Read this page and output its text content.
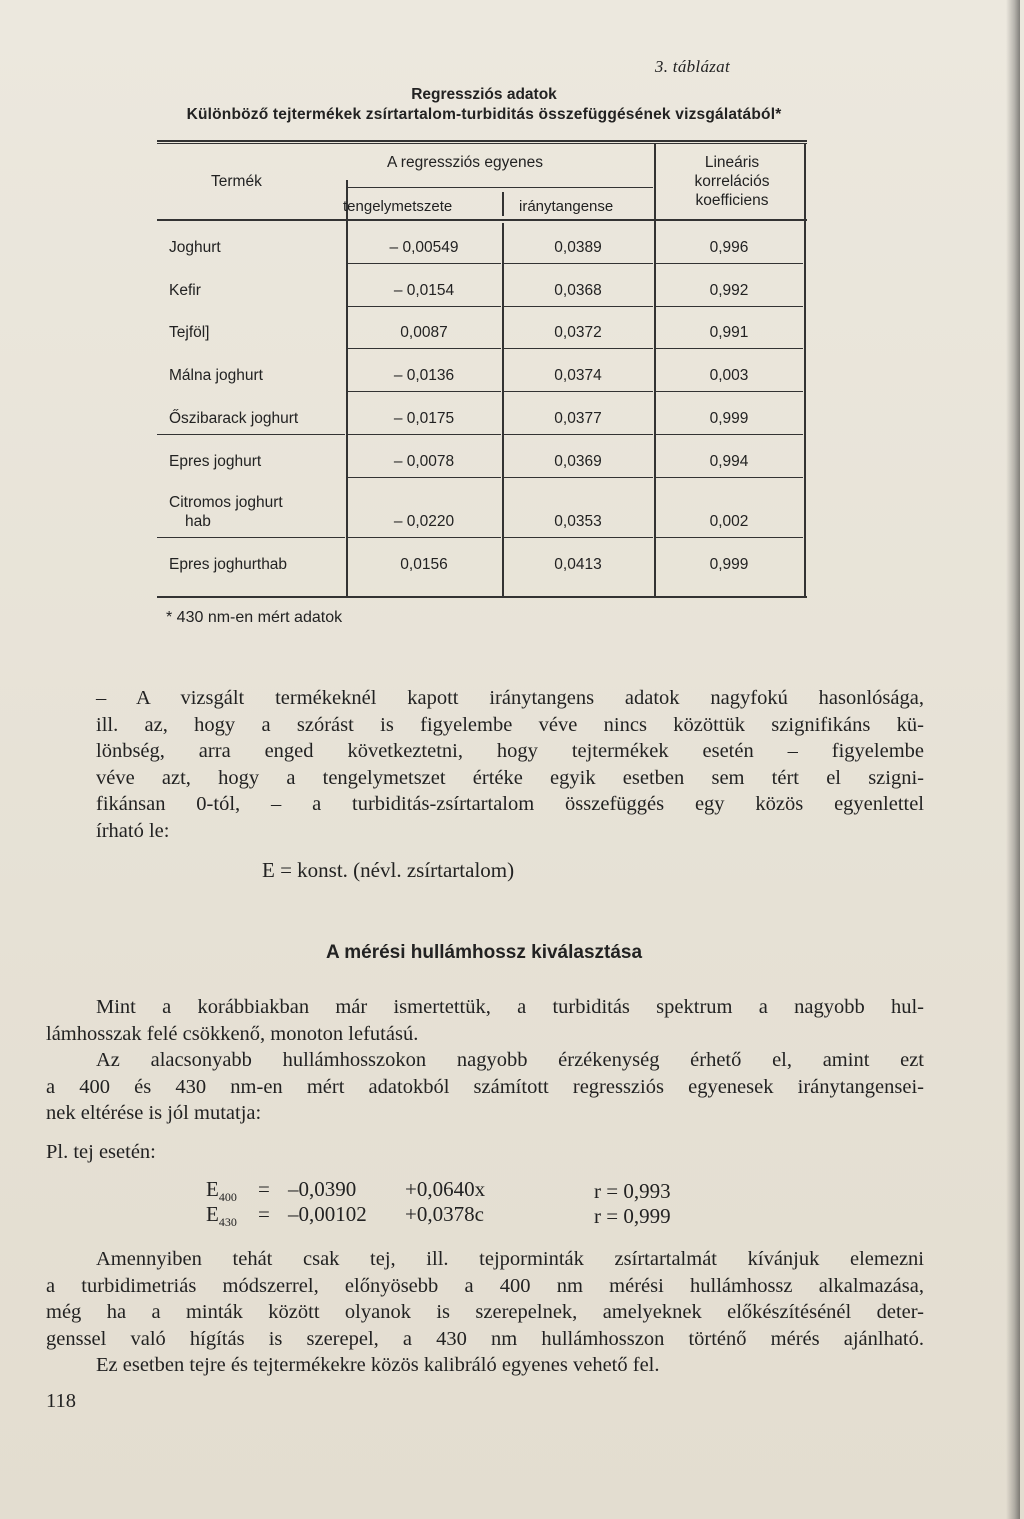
3. táblázat
Regressziós adatok
Különböző tejtermékek zsírtartalom-turbiditás összefüggésének vizsgálatából*
Termék
A regressziós egyenes
tengelymetszete	iránytangense
Lineáris
korrelációs
koefficiens
Joghurt	– 0,00549	0,0389	0,996
Kefir	– 0,0154	0,0368	0,992
Tejföl]	0,0087	0,0372	0,991
Málna joghurt	– 0,0136	0,0374	0,003
Őszibarack joghurt	– 0,0175	0,0377	0,999
Epres joghurt	– 0,0078	0,0369	0,994
Citromos joghurt
hab	– 0,0220	0,0353	0,002
Epres joghurthab	0,0156	0,0413	0,999
* 430 nm-en mért adatok
– A vizsgált termékeknél kapott iránytangens adatok nagyfokú hasonlósága,
ill. az, hogy a szórást is figyelembe véve nincs közöttük szignifikáns kü-
lönbség, arra enged következtetni, hogy tejtermékek esetén – figyelembe
véve azt, hogy a tengelymetszet értéke egyik esetben sem tért el szigni-
fikánsan 0-tól, – a turbiditás-zsírtartalom összefüggés egy közös egyenlettel
írható le:
E = konst. (névl. zsírtartalom)
A mérési hullámhossz kiválasztása
Mint a korábbiakban már ismertettük, a turbiditás spektrum a nagyobb hul-
lámhosszak felé csökkenő, monoton lefutású.
Az alacsonyabb hullámhosszokon nagyobb érzékenység érhető el, amint ezt
a 400 és 430 nm-en mért adatokból számított regressziós egyenesek iránytangensei-
nek eltérése is jól mutatja:
Pl. tej esetén:
$E_{400} = -0,0390 +0,0640x$	r = 0,993
$E_{430} = -0,00102 +0,0378c$	r = 0,999
Amennyiben tehát csak tej, ill. tejporminták zsírtartalmát kívánjuk elemezni
a turbidimetriás módszerrel, előnyösebb a 400 nm mérési hullámhossz alkalmazása,
még ha a minták között olyanok is szerepelnek, amelyeknek előkészítésénél deter-
genssel való hígítás is szerepel, a 430 nm hullámhosszon történő mérés ajánlható.
Ez esetben tejre és tejtermékekre közös kalibráló egyenes vehető fel.
118
